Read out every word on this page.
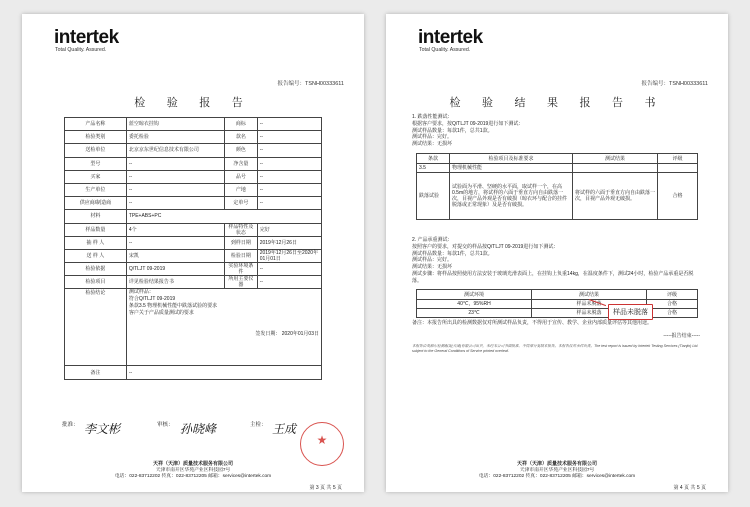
intertek
Total Quality. Assured.
报告编号：TSNH00333611
检 验 报 告
产品名称	蓝空晾衣挂钩	商标	--
检验类别	委托检验	款名	--
送检单位	北京京东世纪信息技术有限公司	颜色	--
型号	--	净含量	--
买家	--	品号	--
生产单位	--	产地	--
供应商/制造商	--	定单号	--
材料	TPE+ABS+PC		
样品数量	4个	样品特性及状态	完好
抽 样 人	--	到样日期	2019年12月26日
送 样 人	宋凯	检验日期	2019年12月26日至2020年01月01日
检验依据	Q/TLJT 09-2019	实验环境条件	--
检验项目	详见检验结果报告书	所用主要仪器	--
检验结论	测试样品：
符合Q/TLJT 09-2019
条款3.5 物理机械性能中跌落试验的要求
客户关于产品质量测试的要求
签发日期： 2020年01月03日		

备注	--		
批准： 李文彬	审核： 孙晓峰	主检： 王成
★
天祥（天津）质量技术服务有限公司
天津市南开区华苑产业区科技园7号
电话：022-83712202 传真：022-83712205 邮箱：services@intertek.com
第 3 页 共 5 页
intertek
Total Quality. Assured.
报告编号：TSNH00333611
检 验 结 果 报 告 书
1. 跌落性能测试：
根据客户要求，按Q/TLJT 09-2019进行如下测试：
测试样品数量：每款1件，总共1款。
测试样品：完好。
测试结果：无损坏
条款	检验项目及标准要求	测试结果	评级
3.5	物理机械性能		
跌落试验	试验面为平滑、坚硬的水平面，取试样一个，在高0.5m的地方，将试样的六面于垂直方向自由跌落一次，目视产品外观是否有破损（晾衣环与配合的挂件脱落或正常现象）及是否有破损。	将试样的六面于垂直方向自由跌落一次，目视产品外观无破损。	合格
2. 产品承重测试：
按照客户的要求，对提交的样品按Q/TLJT 09-2019进行如下测试：
测试样品数量：每款1件，总共1款。
测试样品：完好。
测试结果：无损坏
测试步骤：将样品按照使用方法安装于玻璃光滑表面上，在挂钩上负重14kg，在温度条件下，测试24小时，检验产品承重是否脱落。
测试环境	测试结果	评级
40℃，95%RH	样品未脱落	合格
23℃	样品未脱落	合格
备注：本报告所出具的检测数据仅对所测试样品负责，不得用于宣传、教学、企业内部质量评估等其他用途。
样品未脱落
-----报告结束-----
本报告由英格尔检测服务(天津)有限公司出具，未经本公司书面批准，不得部分复制本报告。本报告仅对来样负责。The test report is issued by Intertek Testing Services (Tianjin) Ltd. subject to the General Conditions of Service printed overleaf.
天祥（天津）质量技术服务有限公司
天津市南开区华苑产业区科技园7号
电话：022-83712202 传真：022-83712205 邮箱：services@intertek.com
第 4 页 共 5 页
